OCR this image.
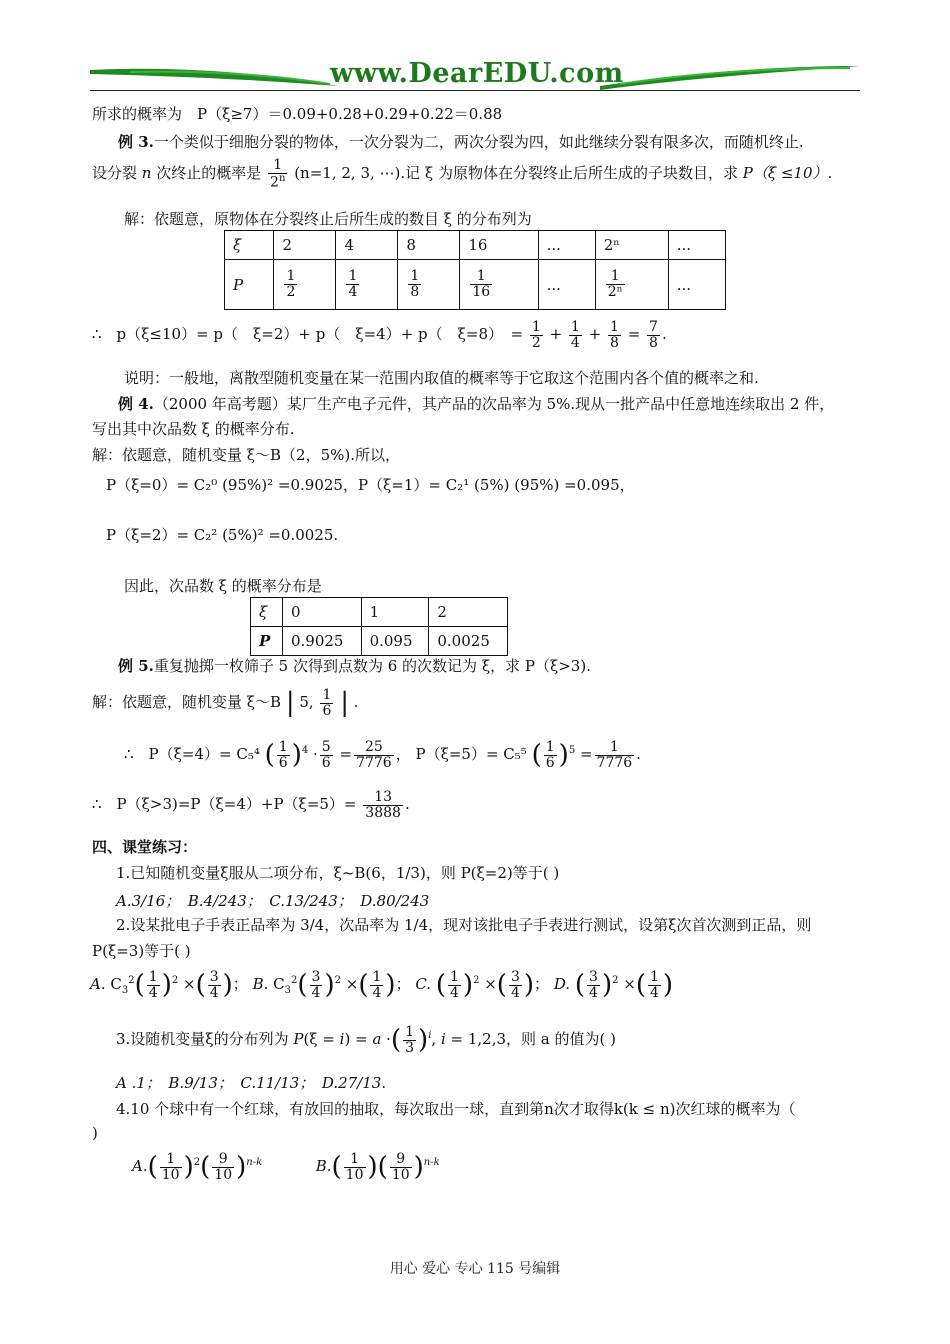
www.DearEDU.com
所求的概率为　P（ξ≥7）＝0.09+0.28+0.29+0.22＝0.88
例 3.一个类似于细胞分裂的物体，一次分裂为二，两次分裂为四，如此继续分裂有限多次，而随机终止.
设分裂 n 次终止的概率是 $\frac{1}{2^n} (n=1$, 2, 3, ⋯).记 ξ 为原物体在分裂终止后所生成的子块数目，求 P（ξ ≤10）.
解：依题意，原物体在分裂终止后所生成的数目 ξ 的分布列为
ξ	2	4	8	16	...	2ⁿ	...
P	$\frac{1}{2}$	$\frac{1}{4}$	$\frac{1}{8}$	$\frac{1}{16}$	...	$\frac{1}{\text{2ⁿ}}$	...
∴　p（ξ≤10）= p（　ξ=2）+ p（　ξ=4）+ p（　ξ=8）　= $\frac{1}{2} + \frac{1}{4} + \frac{1}{8} = \frac{7}{8}$ .
说明：一般地，离散型随机变量在某一范围内取值的概率等于它取这个范围内各个值的概率之和.
例 4.（2000 年高考题）某厂生产电子元件，其产品的次品率为 5%.现从一批产品中任意地连续取出 2 件，
写出其中次品数 ξ 的概率分布.
解：依题意，随机变量 ξ～B（2，5%).所以，
P（ξ=0）= C₂⁰ (95%)² =0.9025，P（ξ=1）= C₂¹ (5%) (95%) =0.095，
P（ξ=2）= C₂² (5%)² =0.0025.
因此，次品数 ξ 的概率分布是
ξ	0	1	2
P	0.9025	0.095	0.0025
例 5.重复抛掷一枚筛子 5 次得到点数为 6 的次数记为 ξ，求 P（ξ>3).
解：依题意，随机变量 ξ～B | 5, $\frac{1}{6}$ | .
∴　P（ξ=4）= C₅⁴ ( $\frac{1}{6} )^4 \cdot \frac{5}{6} = \frac{25}{7776}$ ， P（ξ=5）= C₅⁵ ( $\frac{1}{6} )^5 = \frac{1}{7776}$ .
∴　$P(\xi>3)=P(\xi=4)+P(\xi=5)= \frac{13}{3888}$ .
四、课堂练习：
1.已知随机变量ξ服从二项分布，ξ~B(6，1/3)，则 P(ξ=2)等于( )
A.3/16；　B.4/243；　C.13/243；　D.80/243
2.设某批电子手表正品率为 3/4，次品率为 1/4，现对该批电子手表进行测试，设第ξ次首次测到正品，则
P(ξ=3)等于( )
A. $C_3^2( \frac{1}{4} )^2$ ×( $\frac{3}{4}$ )； B. $C_3^2( \frac{3}{4} )^2$ ×( $\frac{1}{4}$ )； C. ( $\frac{1}{4} )^2$ ×( $\frac{3}{4}$ )； D. ( $\frac{3}{4} )^2$ ×( $\frac{1}{4}$ )
3.设随机变量ξ的分布列为 P(ξ = i) = a ·( $\frac{1}{3} )^i$, i = 1,2,3，则 a 的值为( )
A .1；　B.9/13；　C.11/13；　D.27/13.
4.10 个球中有一个红球，有放回的抽取，每次取出一球，直到第n次才取得k(k ≤ n)次红球的概率为（
)
$A.( \frac{1}{10} )^2( \frac{9}{10} )^{n-k}$	$B.( \frac{1}{10}$ )( $\frac{9}{10} )^{n-k}$
用心 爱心 专心 115 号编辑
